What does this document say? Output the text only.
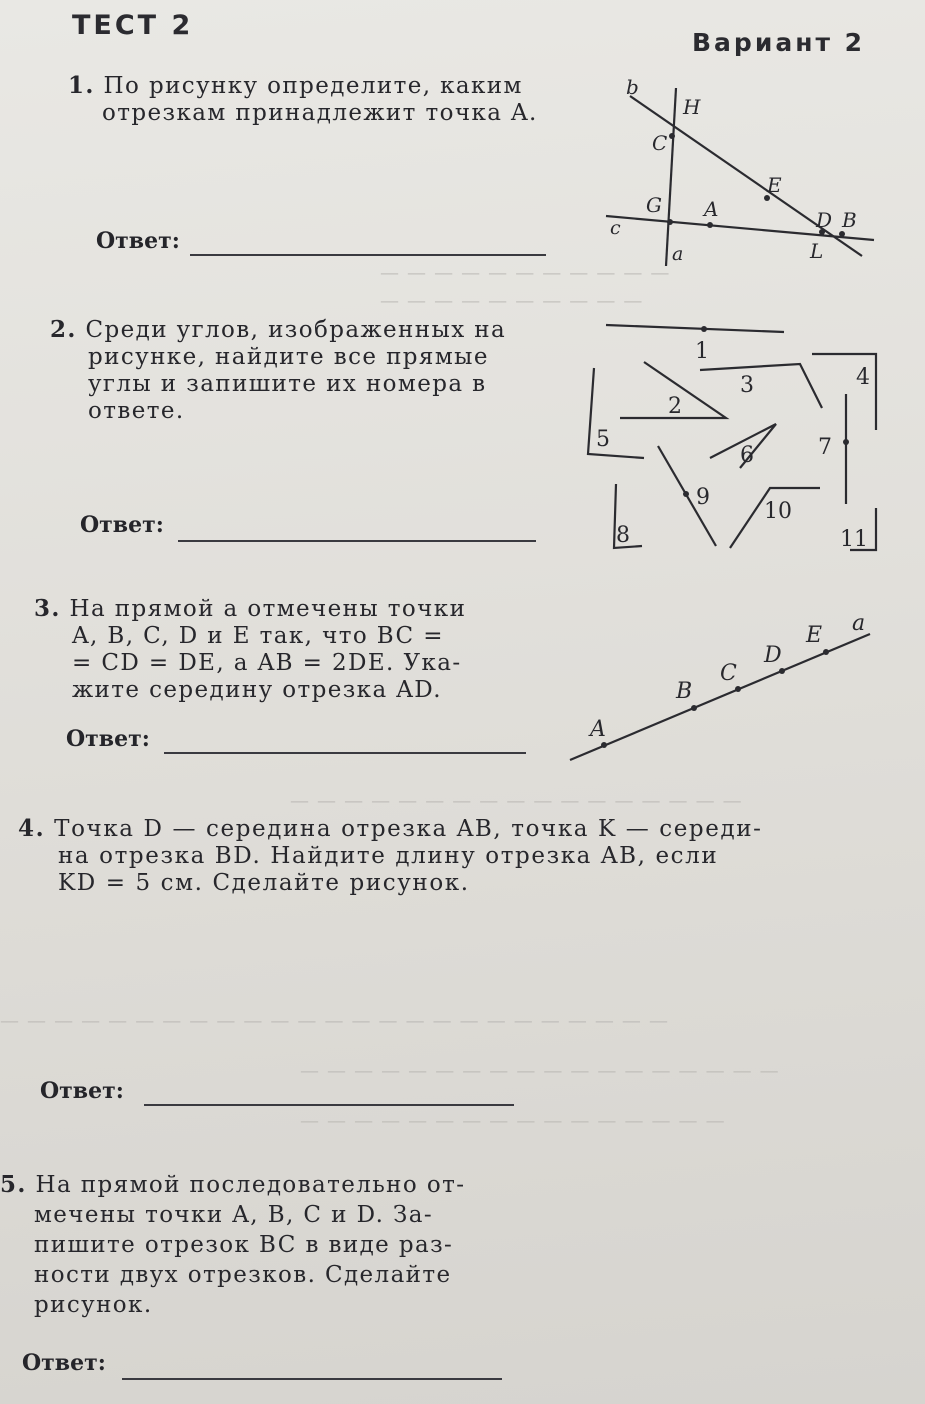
— — — — — — — — — — —
— — — — — — — — — —
— — — — — — — — — — — — — — — — —
— — — — — — — — — — — — — — — — — — — — — — — — —
— — — — — — — — — — — — — — — — — —
— — — — — — — — — — — — — — — —
ТЕСТ 2
Вариант 2
1. По рисунку определите, каким
отрезкам принадлежит точка A.
Ответ:
b
H
C
E
G A
c	D B
a	L
2. Среди углов, изображенных на
рисунке, найдите все прямые
углы и запишите их номера в
ответе.
Ответ:
1
2
3	4
5
6	7
8
9
10
11
3. На прямой a отмечены точки
A, B, C, D и E так, что BC =
= CD = DE, а AB = 2DE. Ука-
жите середину отрезка AD.
Ответ:	A
B
C
D
E a
4. Точка D — середина отрезка AB, точка K — середи-
на отрезка BD. Найдите длину отрезка AB, если
KD = 5 см. Сделайте рисунок.
Ответ:
5. На прямой последовательно от-
мечены точки A, B, C и D. За-
пишите отрезок BC в виде раз-
ности двух отрезков. Сделайте
рисунок.
Ответ:
